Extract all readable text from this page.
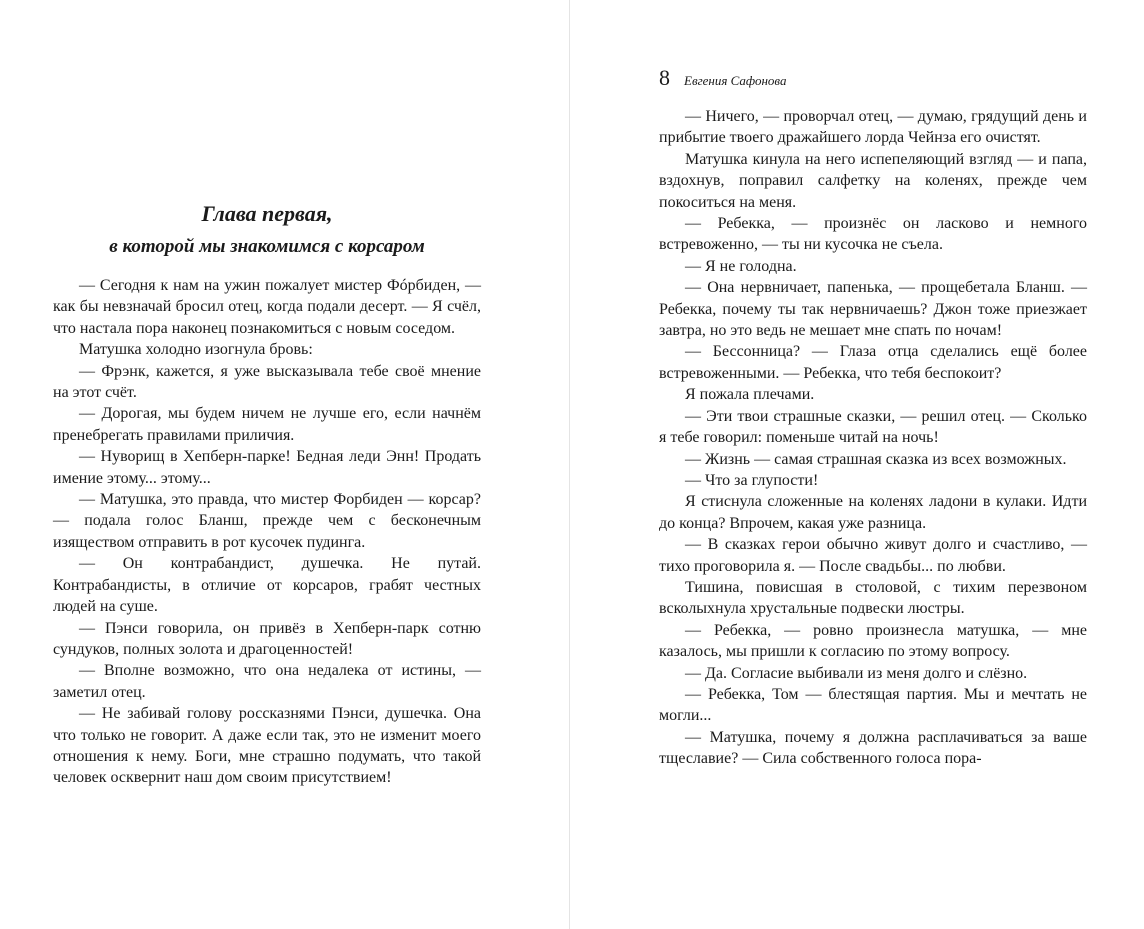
Глава первая,
в которой мы знакомимся с корсаром

— Сегодня к нам на ужин пожалует мистер Фóрбиден, — как бы невзначай бросил отец, когда подали десерт. — Я счёл, что настала пора наконец познакомиться с новым соседом.

Матушка холодно изогнула бровь:

— Фрэнк, кажется, я уже высказывала тебе своё мнение на этот счёт.

— Дорогая, мы будем ничем не лучше его, если начнём пренебрегать правилами приличия.

— Нуворищ в Хепберн-парке! Бедная леди Энн! Продать имение этому... этому...

— Матушка, это правда, что мистер Форбиден — корсар? — подала голос Бланш, прежде чем с бесконечным изяществом отправить в рот кусочек пудинга.

— Он контрабандист, душечка. Не путай. Контрабандисты, в отличие от корсаров, грабят честных людей на суше.

— Пэнси говорила, он привёз в Хепберн-парк сотню сундуков, полных золота и драгоценностей!

— Вполне возможно, что она недалека от истины, — заметил отец.

— Не забивай голову россказнями Пэнси, душечка. Она что только не говорит. А даже если так, это не изменит моего отношения к нему. Боги, мне страшно подумать, что такой человек осквернит наш дом своим присутствием!

8 Евгения Сафонова

— Ничего, — проворчал отец, — думаю, грядущий день и прибытие твоего дражайшего лорда Чейнза его очистят.

Матушка кинула на него испепеляющий взгляд — и папа, вздохнув, поправил салфетку на коленях, прежде чем покоситься на меня.

— Ребекка, — произнёс он ласково и немного встревоженно, — ты ни кусочка не съела.

— Я не голодна.

— Она нервничает, папенька, — прощебетала Бланш. — Ребекка, почему ты так нервничаешь? Джон тоже приезжает завтра, но это ведь не мешает мне спать по ночам!

— Бессонница? — Глаза отца сделались ещё более встревоженными. — Ребекка, что тебя беспокоит?

Я пожала плечами.

— Эти твои страшные сказки, — решил отец. — Сколько я тебе говорил: поменьше читай на ночь!

— Жизнь — самая страшная сказка из всех возможных.

— Что за глупости!

Я стиснула сложенные на коленях ладони в кулаки. Идти до конца? Впрочем, какая уже разница.

— В сказках герои обычно живут долго и счастливо, — тихо проговорила я. — После свадьбы... по любви.

Тишина, повисшая в столовой, с тихим перезвоном всколыхнула хрустальные подвески люстры.

— Ребекка, — ровно произнесла матушка, — мне казалось, мы пришли к согласию по этому вопросу.

— Да. Согласие выбивали из меня долго и слёзно.

— Ребекка, Том — блестящая партия. Мы и мечтать не могли...

— Матушка, почему я должна расплачиваться за ваше тщеславие? — Сила собственного голоса пора-
